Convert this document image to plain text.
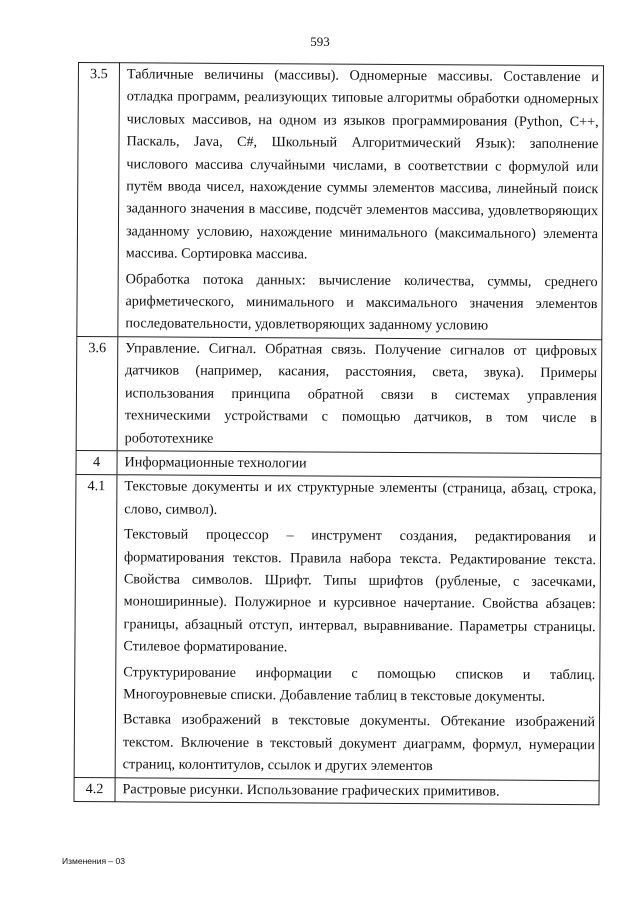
593
3.5	Табличные величины (массивы). Одномерные массивы. Составление и отладка программ, реализующих типовые алгоритмы обработки одномерных числовых массивов, на одном из языков программирования (Python, C++, Паскаль, Java, C#, Школьный Алгоритмический Язык): заполнение числового массива случайными числами, в соответствии с формулой или путём ввода чисел, нахождение суммы элементов массива, линейный поиск заданного значения в массиве, подсчёт элементов массива, удовлетворяющих заданному условию, нахождение минимального (максимального) элемента массива. Сортировка массива.

Обработка потока данных: вычисление количества, суммы, среднего арифметического, минимального и максимального значения элементов последовательности, удовлетворяющих заданному условию

3.6	Управление. Сигнал. Обратная связь. Получение сигналов от цифровых датчиков (например, касания, расстояния, света, звука). Примеры использования принципа обратной связи в системах управления техническими устройствами с помощью датчиков, в том числе в робототехнике

4	Информационные технологии

4.1	Текстовые документы и их структурные элементы (страница, абзац, строка, слово, символ).

Текстовый процессор – инструмент создания, редактирования и форматирования текстов. Правила набора текста. Редактирование текста. Свойства символов. Шрифт. Типы шрифтов (рубленые, с засечками, моноширинные). Полужирное и курсивное начертание. Свойства абзацев: границы, абзацный отступ, интервал, выравнивание. Параметры страницы. Стилевое форматирование.

Структурирование информации с помощью списков и таблиц. Многоуровневые списки. Добавление таблиц в текстовые документы.

Вставка изображений в текстовые документы. Обтекание изображений текстом. Включение в текстовый документ диаграмм, формул, нумерации страниц, колонтитулов, ссылок и других элементов

4.2	Растровые рисунки. Использование графических примитивов.

Изменения – 03
